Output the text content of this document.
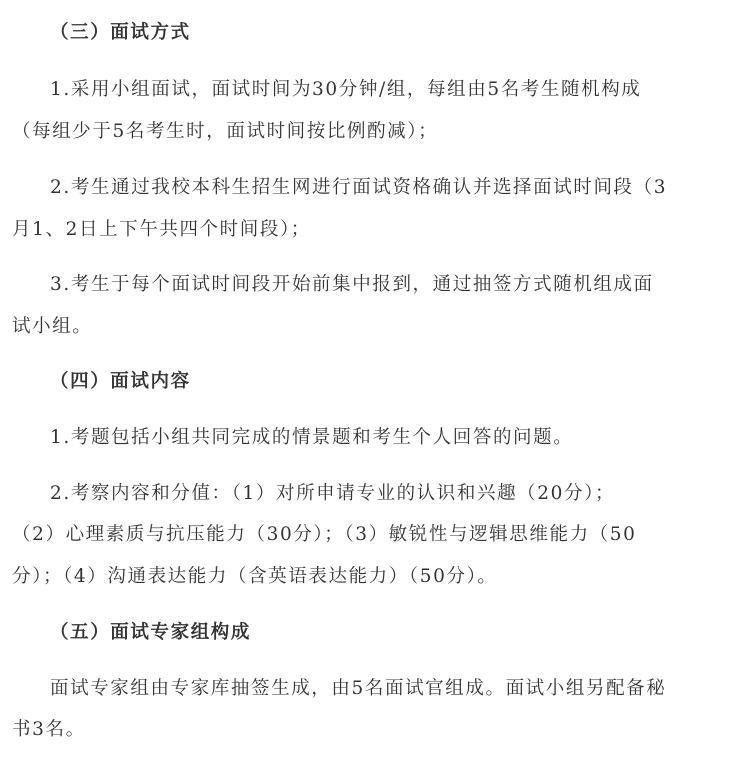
（三）面试方式
1.采用小组面试，面试时间为30分钟/组，每组由5名考生随机构成
（每组少于5名考生时，面试时间按比例酌减）；
2.考生通过我校本科生招生网进行面试资格确认并选择面试时间段（3
月1、2日上下午共四个时间段）；
3.考生于每个面试时间段开始前集中报到，通过抽签方式随机组成面
试小组。
（四）面试内容
1.考题包括小组共同完成的情景题和考生个人回答的问题。
2.考察内容和分值：（1）对所申请专业的认识和兴趣（20分）；
（2）心理素质与抗压能力（30分）；（3）敏锐性与逻辑思维能力（50
分）；（4）沟通表达能力（含英语表达能力）（50分）。
（五）面试专家组构成
面试专家组由专家库抽签生成，由5名面试官组成。面试小组另配备秘
书3名。
